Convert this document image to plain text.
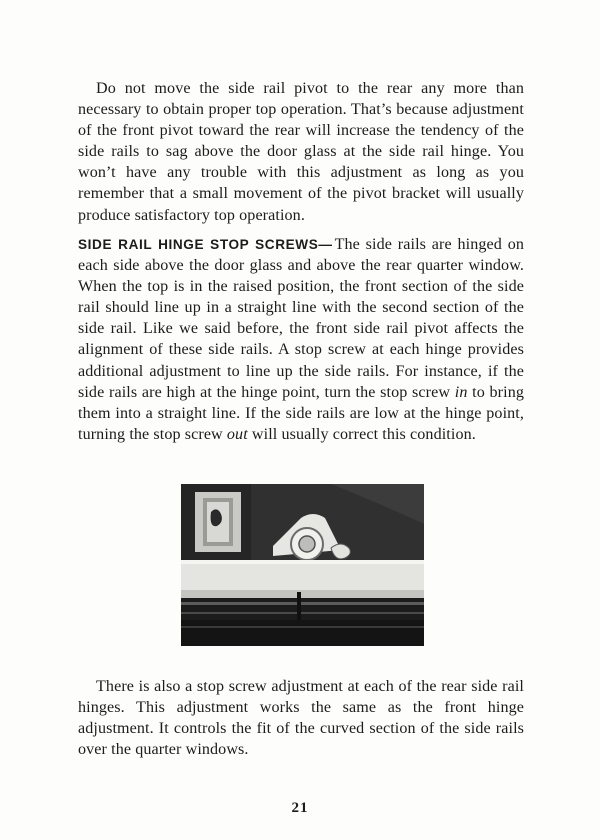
Do not move the side rail pivot to the rear any more than necessary to obtain proper top operation. That’s because adjustment of the front pivot toward the rear will increase the tendency of the side rails to sag above the door glass at the side rail hinge. You won’t have any trouble with this adjustment as long as you remember that a small movement of the pivot bracket will usually produce satisfactory top operation.

SIDE RAIL HINGE STOP SCREWS— The side rails are hinged on each side above the door glass and above the rear quarter window. When the top is in the raised position, the front section of the side rail should line up in a straight line with the second section of the side rail. Like we said before, the front side rail pivot affects the alignment of these side rails. A stop screw at each hinge provides additional adjustment to line up the side rails. For instance, if the side rails are high at the hinge point, turn the stop screw in to bring them into a straight line. If the side rails are low at the hinge point, turning the stop screw out will usually correct this condition.

There is also a stop screw adjustment at each of the rear side rail hinges. This adjustment works the same as the front hinge adjustment. It controls the fit of the curved section of the side rails over the quarter windows.

21
